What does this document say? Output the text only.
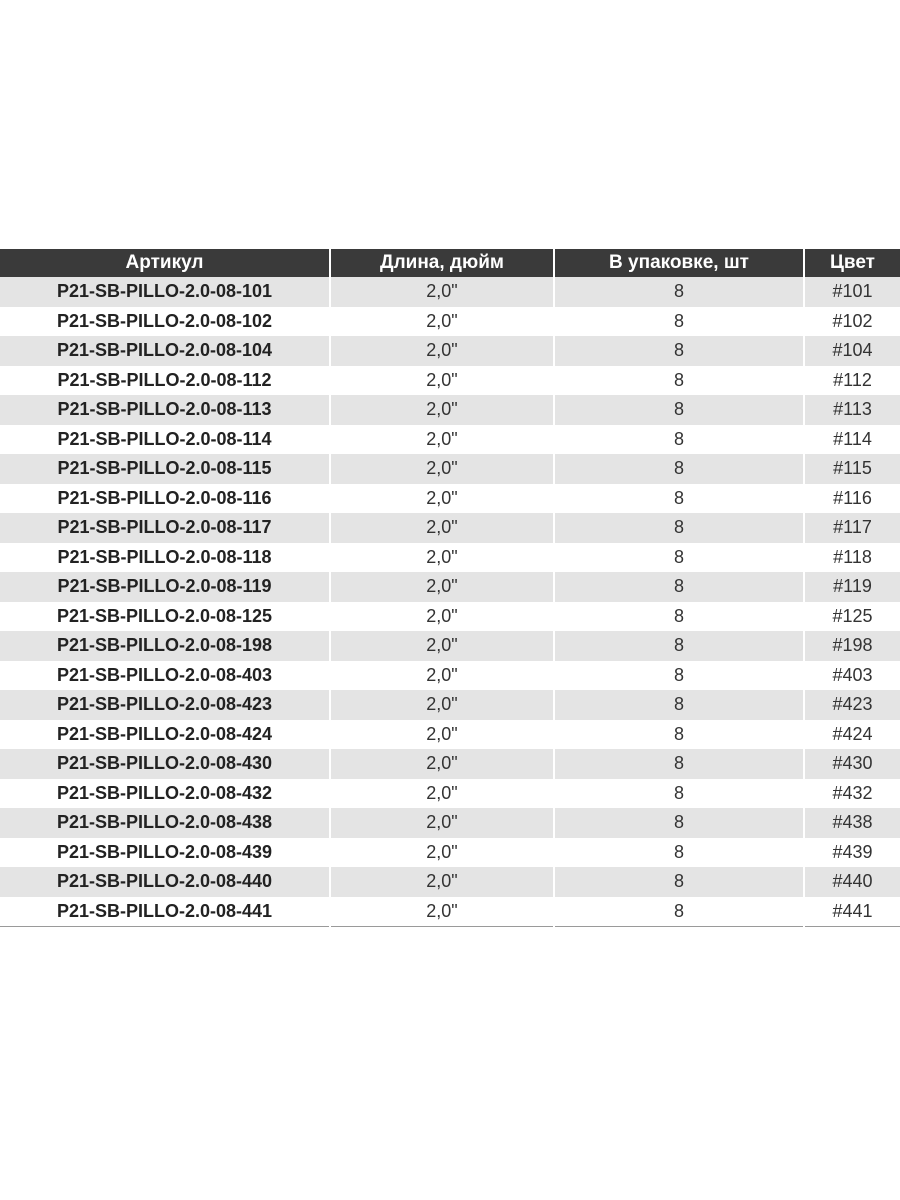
Артикул	Длина, дюйм	В упаковке, шт	Цвет
P21-SB-PILLO-2.0-08-101	2,0"	8	#101
P21-SB-PILLO-2.0-08-102	2,0"	8	#102
P21-SB-PILLO-2.0-08-104	2,0"	8	#104
P21-SB-PILLO-2.0-08-112	2,0"	8	#112
P21-SB-PILLO-2.0-08-113	2,0"	8	#113
P21-SB-PILLO-2.0-08-114	2,0"	8	#114
P21-SB-PILLO-2.0-08-115	2,0"	8	#115
P21-SB-PILLO-2.0-08-116	2,0"	8	#116
P21-SB-PILLO-2.0-08-117	2,0"	8	#117
P21-SB-PILLO-2.0-08-118	2,0"	8	#118
P21-SB-PILLO-2.0-08-119	2,0"	8	#119
P21-SB-PILLO-2.0-08-125	2,0"	8	#125
P21-SB-PILLO-2.0-08-198	2,0"	8	#198
P21-SB-PILLO-2.0-08-403	2,0"	8	#403
P21-SB-PILLO-2.0-08-423	2,0"	8	#423
P21-SB-PILLO-2.0-08-424	2,0"	8	#424
P21-SB-PILLO-2.0-08-430	2,0"	8	#430
P21-SB-PILLO-2.0-08-432	2,0"	8	#432
P21-SB-PILLO-2.0-08-438	2,0"	8	#438
P21-SB-PILLO-2.0-08-439	2,0"	8	#439
P21-SB-PILLO-2.0-08-440	2,0"	8	#440
P21-SB-PILLO-2.0-08-441	2,0"	8	#441
